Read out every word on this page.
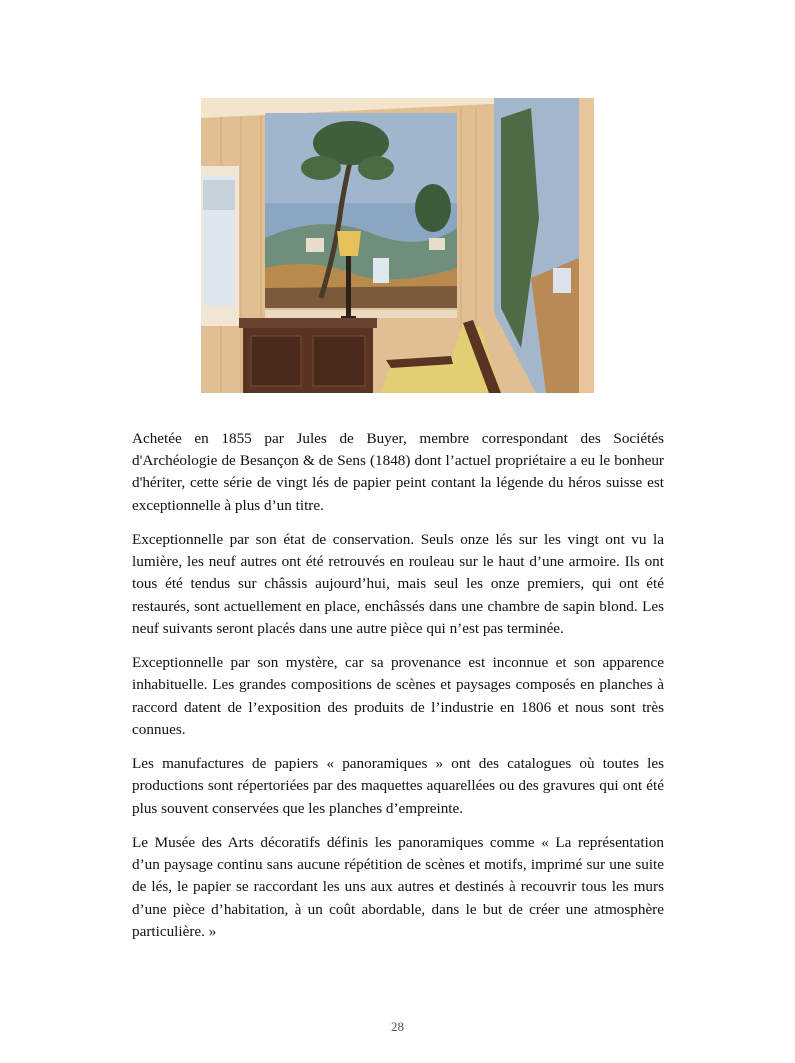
Achetée en 1855 par Jules de Buyer, membre correspondant des Sociétés d'Archéologie de Besançon & de Sens (1848) dont l’actuel propriétaire a eu le bonheur d'hériter, cette série de vingt lés de papier peint contant la légende du héros suisse est exceptionnelle à plus d’un titre.

Exceptionnelle par son état de conservation. Seuls onze lés sur les vingt ont vu la lumière, les neuf autres ont été retrouvés en rouleau sur le haut d’une armoire. Ils ont tous été tendus sur châssis aujourd’hui, mais seul les onze premiers, qui ont été restaurés, sont actuellement en place, enchâssés dans une chambre de sapin blond. Les neuf suivants seront placés dans une autre pièce qui n’est pas terminée.

Exceptionnelle par son mystère, car sa provenance est inconnue et son apparence inhabituelle. Les grandes compositions de scènes et paysages composés en planches à raccord datent de l’exposition des produits de l’industrie en 1806 et nous sont très connues.

Les manufactures de papiers « panoramiques » ont des catalogues où toutes les productions sont répertoriées par des maquettes aquarellées ou des gravures qui ont été plus souvent conservées que les planches d’empreinte.

Le Musée des Arts décoratifs définis les panoramiques comme « La représentation d’un paysage continu sans aucune répétition de scènes et motifs, imprimé sur une suite de lés, le papier se raccordant les uns aux autres et destinés à recouvrir tous les murs d’une pièce d’habitation, à un coût abordable, dans le but de créer une atmosphère particulière. »

28
